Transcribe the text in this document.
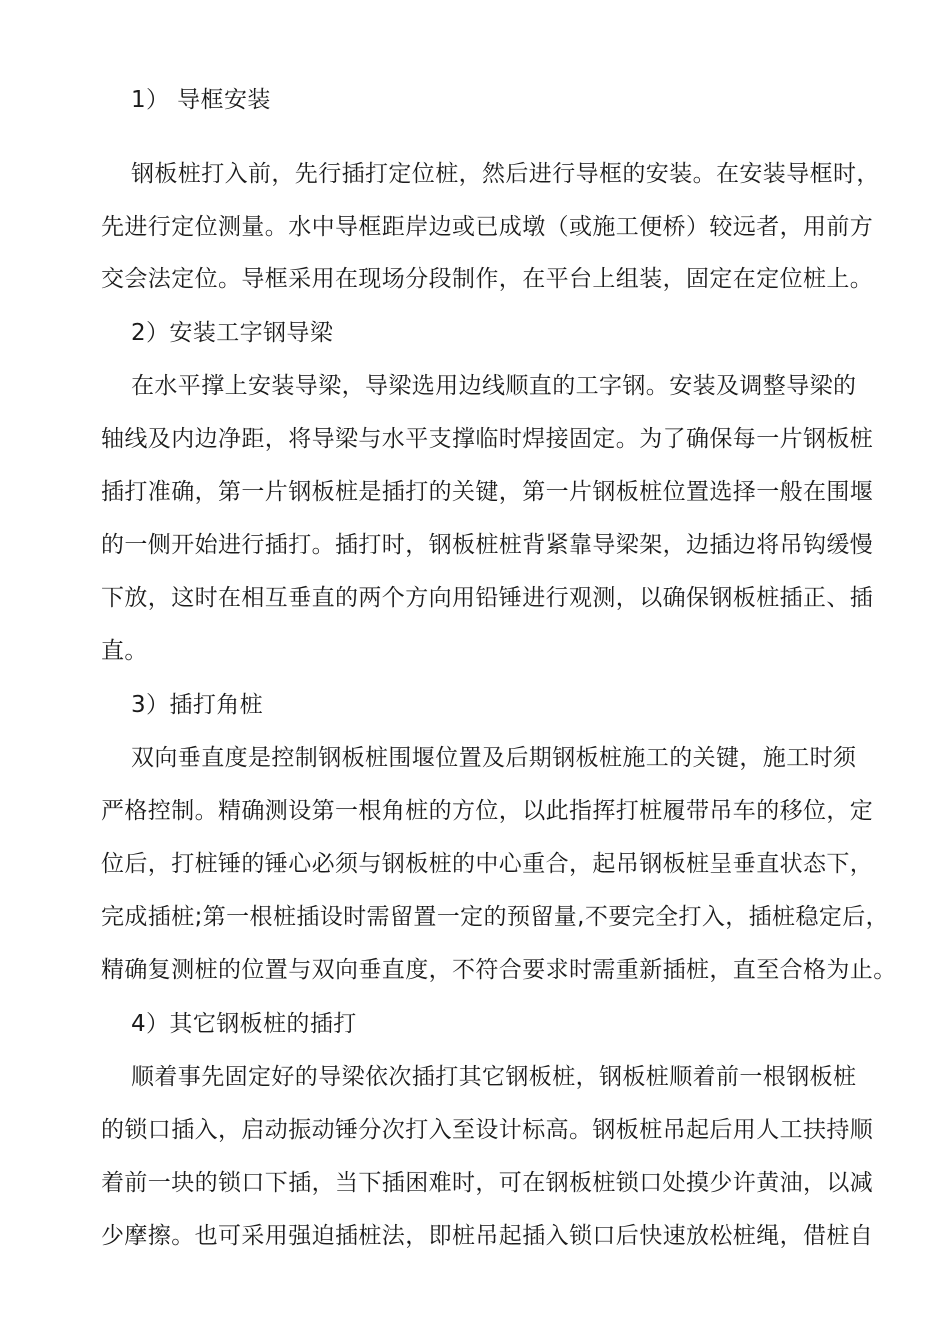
1） 导框安装
钢板桩打入前，先行插打定位桩，然后进行导框的安装。在安装导框时，
先进行定位测量。水中导框距岸边或已成墩（或施工便桥）较远者，用前方
交会法定位。导框采用在现场分段制作，在平台上组装，固定在定位桩上。
2）安装工字钢导梁
在水平撑上安装导梁，导梁选用边线顺直的工字钢。安装及调整导梁的
轴线及内边净距，将导梁与水平支撑临时焊接固定。为了确保每一片钢板桩
插打准确，第一片钢板桩是插打的关键，第一片钢板桩位置选择一般在围堰
的一侧开始进行插打。插打时，钢板桩桩背紧靠导梁架，边插边将吊钩缓慢
下放，这时在相互垂直的两个方向用铅锤进行观测，以确保钢板桩插正、插
直。
3）插打角桩
双向垂直度是控制钢板桩围堰位置及后期钢板桩施工的关键，施工时须
严格控制。精确测设第一根角桩的方位，以此指挥打桩履带吊车的移位，定
位后，打桩锤的锤心必须与钢板桩的中心重合，起吊钢板桩呈垂直状态下，
完成插桩;第一根桩插设时需留置一定的预留量,不要完全打入，插桩稳定后，
精确复测桩的位置与双向垂直度，不符合要求时需重新插桩，直至合格为止。
4）其它钢板桩的插打
顺着事先固定好的导梁依次插打其它钢板桩，钢板桩顺着前一根钢板桩
的锁口插入，启动振动锤分次打入至设计标高。钢板桩吊起后用人工扶持顺
着前一块的锁口下插，当下插困难时，可在钢板桩锁口处摸少许黄油，以减
少摩擦。也可采用强迫插桩法，即桩吊起插入锁口后快速放松桩绳，借桩自
